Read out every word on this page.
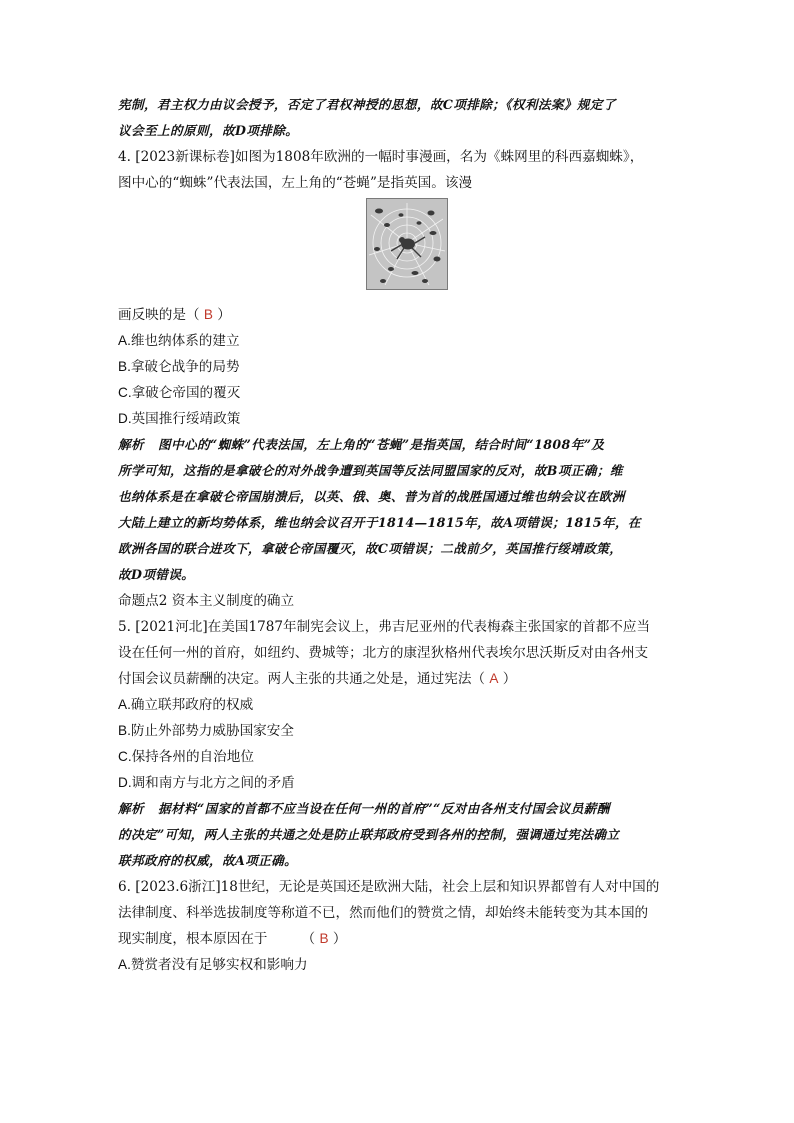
宪制，君主权力由议会授予，否定了君权神授的思想，故C项排除；《权利法案》规定了
议会至上的原则，故D项排除。
4. [2023新课标卷]如图为1808年欧洲的一幅时事漫画，名为《蛛网里的科西嘉蜘蛛》，
图中心的“蜘蛛”代表法国，左上角的“苍蝇”是指英国。该漫
画反映的是（ B ）
A.维也纳体系的建立
B.拿破仑战争的局势
C.拿破仑帝国的覆灭
D.英国推行绥靖政策
解析 图中心的“蜘蛛”代表法国，左上角的“苍蝇”是指英国，结合时间“1808年”及
所学可知，这指的是拿破仑的对外战争遭到英国等反法同盟国家的反对，故B项正确；维
也纳体系是在拿破仑帝国崩溃后，以英、俄、奥、普为首的战胜国通过维也纳会议在欧洲
大陆上建立的新均势体系，维也纳会议召开于1814—1815年，故A项错误；1815年，在
欧洲各国的联合进攻下，拿破仑帝国覆灭，故C项错误；二战前夕，英国推行绥靖政策，
故D项错误。
命题点2 资本主义制度的确立
5. [2021河北]在美国1787年制宪会议上，弗吉尼亚州的代表梅森主张国家的首都不应当
设在任何一州的首府，如纽约、费城等；北方的康涅狄格州代表埃尔思沃斯反对由各州支
付国会议员薪酬的决定。两人主张的共通之处是，通过宪法（ A ）
A.确立联邦政府的权威
B.防止外部势力威胁国家安全
C.保持各州的自治地位
D.调和南方与北方之间的矛盾
解析 据材料“国家的首都不应当设在任何一州的首府”“反对由各州支付国会议员薪酬
的决定”可知，两人主张的共通之处是防止联邦政府受到各州的控制，强调通过宪法确立
联邦政府的权威，故A项正确。
6. [2023.6浙江]18世纪，无论是英国还是欧洲大陆，社会上层和知识界都曾有人对中国的
法律制度、科举选拔制度等称道不已，然而他们的赞赏之情，却始终未能转变为其本国的
现实制度，根本原因在于　　　（ B ）
A.赞赏者没有足够实权和影响力
